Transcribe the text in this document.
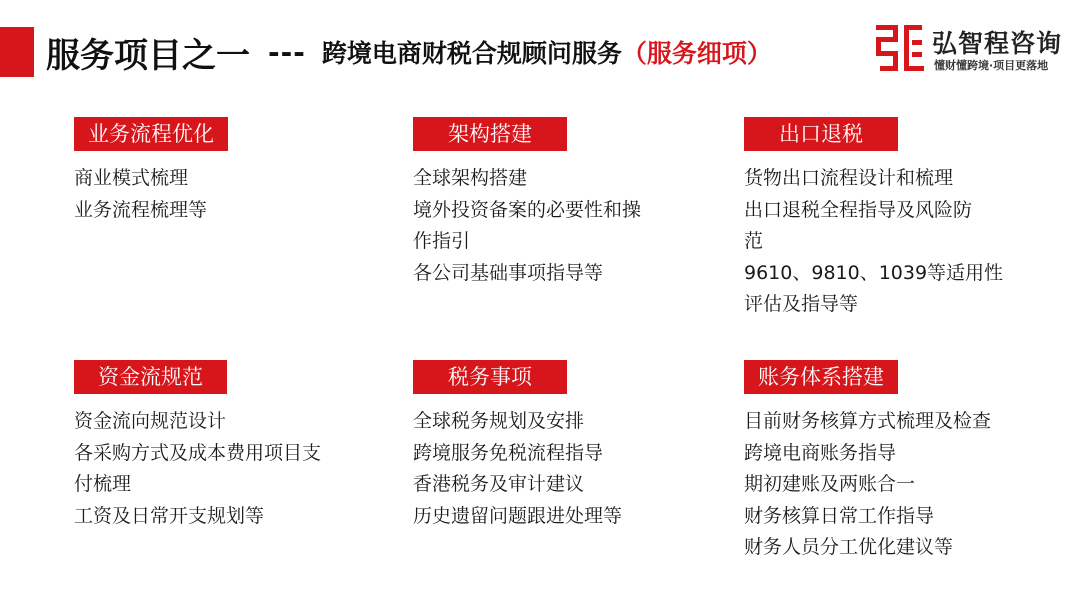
服务项目之一 --- 跨境电商财税合规顾问服务 （服务细项）	弘智程咨询
懂财懂跨境·项目更落地
业务流程优化
商业模式梳理
业务流程梳理等
架构搭建
全球架构搭建
境外投资备案的必要性和操
作指引
各公司基础事项指导等
出口退税
货物出口流程设计和梳理
出口退税全程指导及风险防
范
9610、9810、1039等适用性
评估及指导等
资金流规范
资金流向规范设计
各采购方式及成本费用项目支
付梳理
工资及日常开支规划等
税务事项
全球税务规划及安排
跨境服务免税流程指导
香港税务及审计建议
历史遗留问题跟进处理等
账务体系搭建
目前财务核算方式梳理及检查
跨境电商账务指导
期初建账及两账合一
财务核算日常工作指导
财务人员分工优化建议等
